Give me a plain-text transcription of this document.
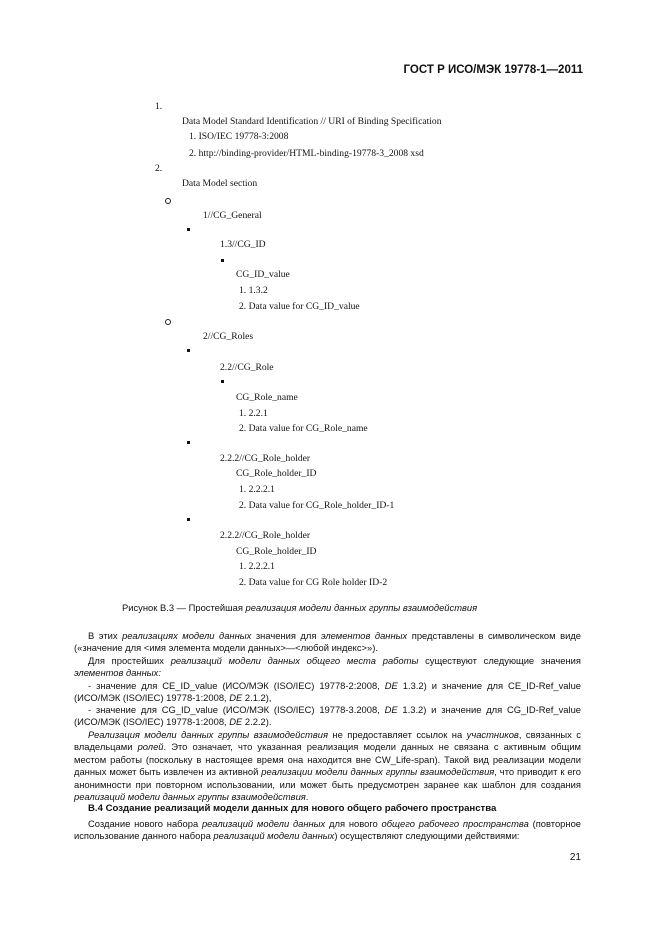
ГОСТ Р ИСО/МЭК 19778-1—2011
1.
Data Model Standard Identification // URI of Binding Specification
1. ISO/IEC 19778-3:2008
2. http://binding-provider/HTML-binding-19778-3_2008 xsd
2.
Data Model section
1//CG_General
1.3//CG_ID
CG_ID_value
1. 1.3.2
2. Data value for CG_ID_value
2//CG_Roles
2.2//CG_Role
CG_Role_name
1. 2.2.1
2. Data value for CG_Role_name
2.2.2//CG_Role_holder
CG_Role_holder_ID
1. 2.2.2.1
2. Data value for CG_Role_holder_ID-1
2.2.2//CG_Role_holder
CG_Role_holder_ID
1. 2.2.2.1
2. Data value for CG Role holder ID-2
Рисунок В.3 — Простейшая реализация модели данных группы взаимодействия
В этих реализациях модели данных значения для элементов данных представлены в символическом виде («значение для <имя элемента модели данных>—<любой индекс>»).
Для простейших реализаций модели данных общего места работы существуют следующие значения элементов данных:
- значение для CE_ID_value (ИСО/МЭК (ISO/IEC) 19778-2:2008, DE 1.3.2) и значение для CE_ID-Ref_value (ИСО/МЭК (ISO/IEC) 19778-1:2008, DE 2.1.2),
- значение для CG_ID_value (ИСО/МЭК (ISO/IEC) 19778-3.2008, DE 1.3.2) и значение для CG_ID-Ref_value (ИСО/МЭК (ISO/IEC) 19778-1:2008, DE 2.2.2).
Реализация модели данных группы взаимодействия не предоставляет ссылок на участников, связанных с владельцами ролей. Это означает, что указанная реализация модели данных не связана с активным общим местом работы (поскольку в настоящее время она находится вне CW_Life-span). Такой вид реализации модели данных может быть извлечен из активной реализации модели данных группы взаимодействия, что приводит к его анонимности при повторном использовании, или может быть предусмотрен заранее как шаблон для создания реализаций модели данных группы взаимодействия.
В.4 Создание реализаций модели данных для нового общего рабочего пространства
Создание нового набора реализаций модели данных для нового общего рабочего пространства (повторное использование данного набора реализаций модели данных) осуществляют следующими действиями:
21
